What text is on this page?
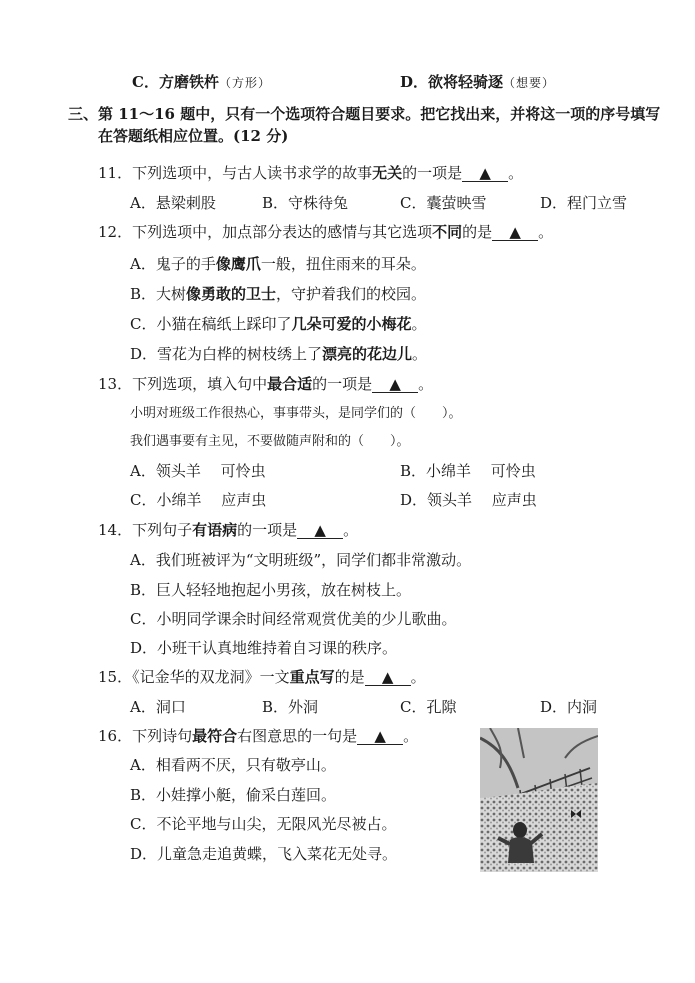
C．方磨铁杵（方形）	D．欲将轻骑逐（想要）
三、第 11～16 题中，只有一个选项符合题目要求。把它找出来，并将这一项的序号填写
在答题纸相应位置。(12 分)
11．下列选项中，与古人读书求学的故事无关的一项是 ▲ 。
A．悬梁刺股	B．守株待兔	C．囊萤映雪	D．程门立雪
12．下列选项中，加点部分表达的感情与其它选项不同的是 ▲ 。
A．鬼子的手像鹰爪一般，扭住雨来的耳朵。
B．大树像勇敢的卫士，守护着我们的校园。
C．小猫在稿纸上踩印了几朵可爱的小梅花。
D．雪花为白桦的树枝绣上了漂亮的花边儿。
13．下列选项，填入句中最合适的一项是 ▲ 。
小明对班级工作很热心，事事带头，是同学们的（　　）。
我们遇事要有主见，不要做随声附和的（　　）。
A．领头羊　 可怜虫	B．小绵羊　 可怜虫
C．小绵羊　 应声虫	D．领头羊　 应声虫
14．下列句子有语病的一项是 ▲ 。
A．我们班被评为“文明班级”，同学们都非常激动。
B．巨人轻轻地抱起小男孩，放在树枝上。
C．小明同学课余时间经常观赏优美的少儿歌曲。
D．小班干认真地维持着自习课的秩序。
15．《记金华的双龙洞》一文重点写的是 ▲ 。
A．洞口	B．外洞	C．孔隙	D．内洞
16．下列诗句最符合右图意思的一句是 ▲ 。
A．相看两不厌，只有敬亭山。
B．小娃撑小艇，偷采白莲回。
C．不论平地与山尖，无限风光尽被占。
D．儿童急走追黄蝶，飞入菜花无处寻。
